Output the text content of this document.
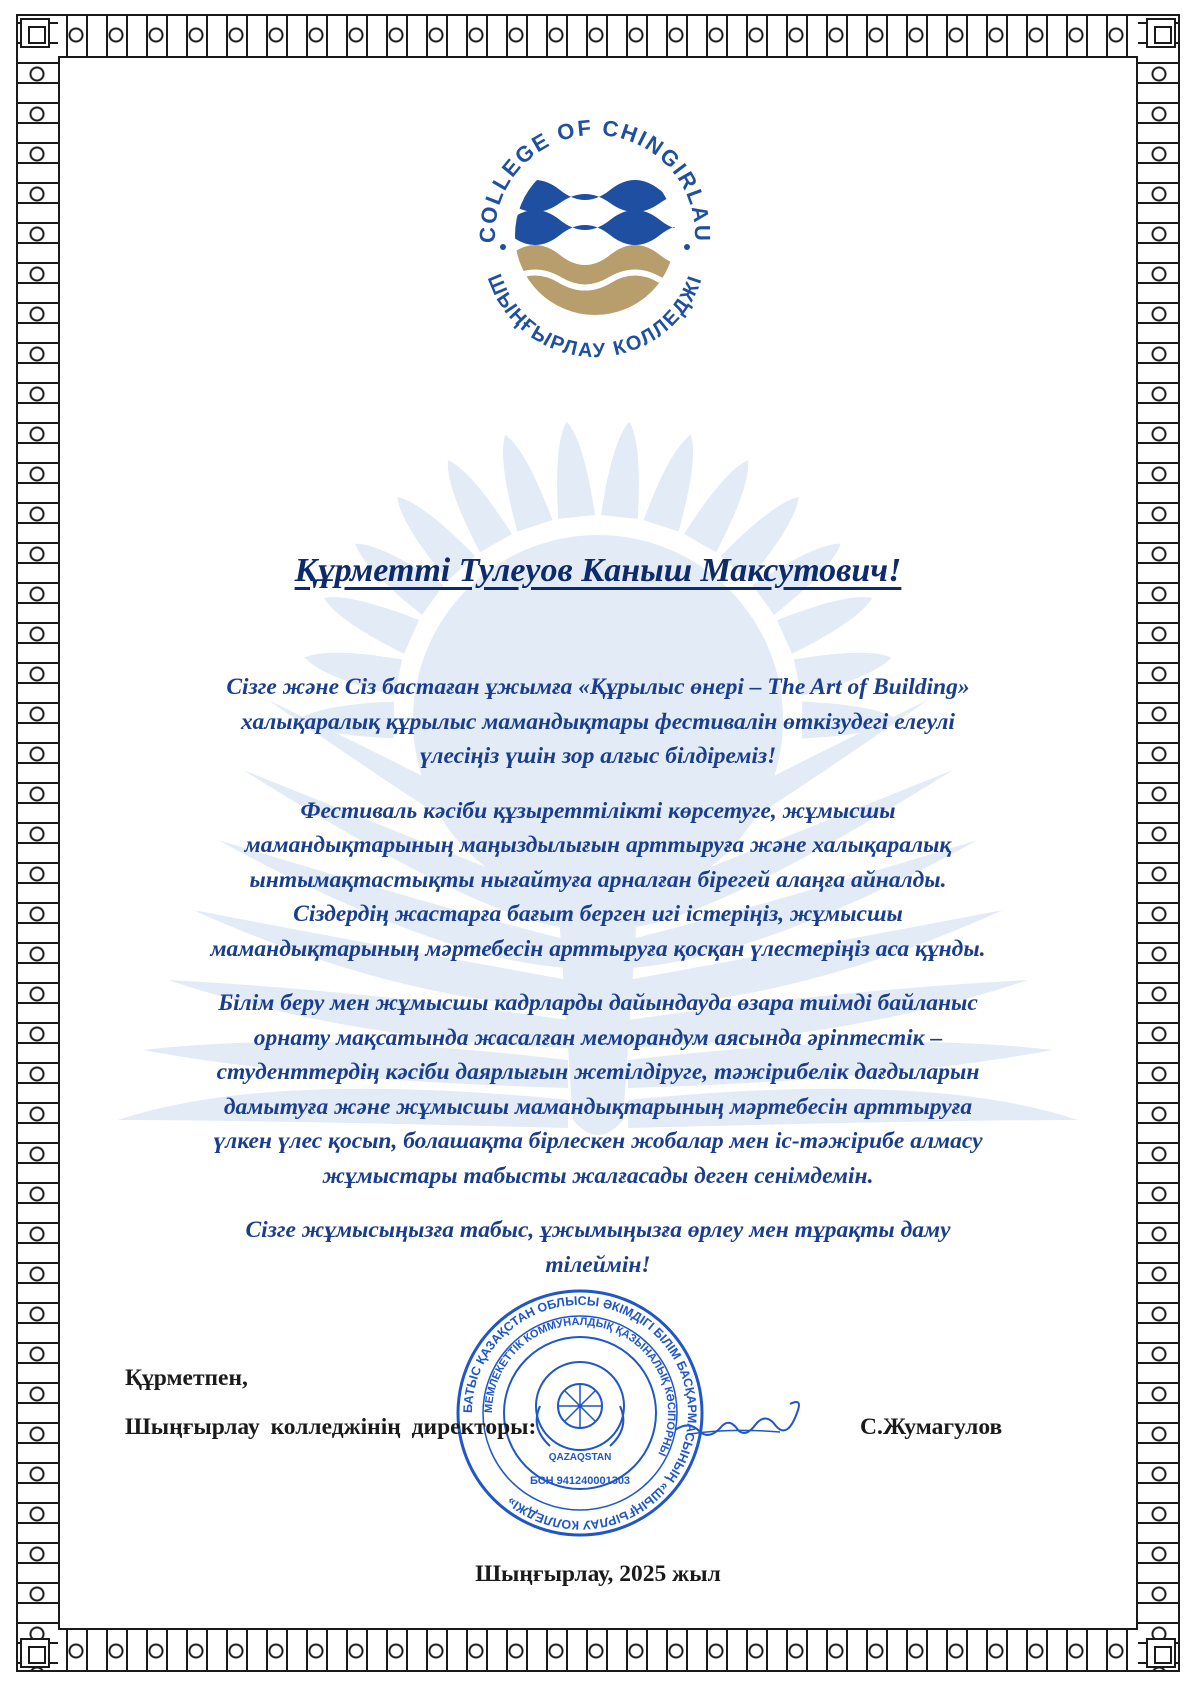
COLLEGE OF CHINGIRLAU
ШЫҢҒЫРЛАУ КОЛЛЕДЖІ
Құрметті Тулеуов Каныш Максутович!

Сізге және Сіз бастаған ұжымға «Құрылыс өнері – The Art of Building»
халықаралық құрылыс мамандықтары фестивалін өткізудегі елеулі
үлесіңіз үшін зор алғыс білдіреміз!

Фестиваль кәсіби құзыреттілікті көрсетуге, жұмысшы
мамандықтарының маңыздылығын арттыруға және халықаралық
ынтымақтастықты нығайтуға арналған бірегей алаңға айналды.
Сіздердің жастарға бағыт берген игі істеріңіз, жұмысшы
мамандықтарының мәртебесін арттыруға қосқан үлестеріңіз аса құнды.

Білім беру мен жұмысшы кадрларды дайындауда өзара тиімді байланыс
орнату мақсатында жасалған меморандум аясында әріптестік –
студенттердің кәсіби даярлығын жетілдіруге, тәжірибелік дағдыларын
дамытуға және жұмысшы мамандықтарының мәртебесін арттыруға
үлкен үлес қосып, болашақта бірлескен жобалар мен іс-тәжірибе алмасу
жұмыстары табысты жалғасады деген сенімдемін.

Сізге жұмысыңызға табыс, ұжымыңызға өрлеу мен тұрақты даму
тілеймін!

БАТЫС ҚАЗАҚСТАН ОБЛЫСЫ ӘКІМДІГІ БІЛІМ БАСҚАРМАСЫНЫҢ «ШЫҢҒЫРЛАУ КОЛЛЕДЖІ»
МЕМЛЕКЕТТІК КОММУНАЛДЫҚ ҚАЗЫНАЛЫҚ КӘСІПОРНЫ
QAZAQSTAN
БСН 941240001303
Құрметпен,
Шыңғырлау колледжінің директоры:	С.Жумагулов
Шыңғырлау, 2025 жыл
